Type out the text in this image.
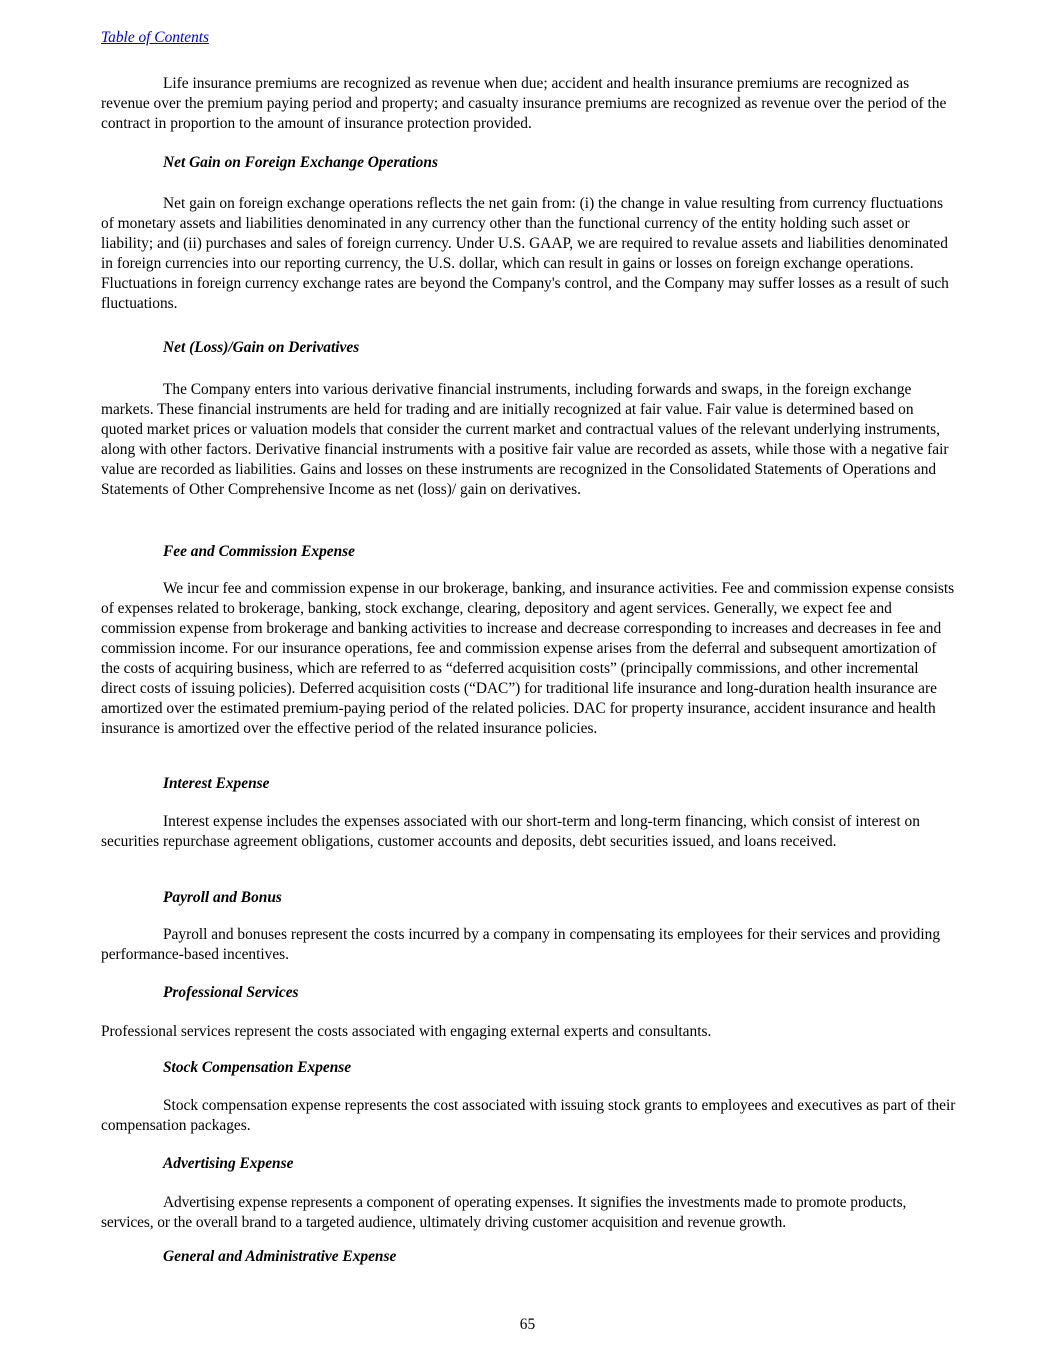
Table of Contents

Life insurance premiums are recognized as revenue when due; accident and health insurance premiums are recognized as revenue over the premium paying period and property; and casualty insurance premiums are recognized as revenue over the period of the contract in proportion to the amount of insurance protection provided.

Net Gain on Foreign Exchange Operations

Net gain on foreign exchange operations reflects the net gain from: (i) the change in value resulting from currency fluctuations of monetary assets and liabilities denominated in any currency other than the functional currency of the entity holding such asset or liability; and (ii) purchases and sales of foreign currency. Under U.S. GAAP, we are required to revalue assets and liabilities denominated in foreign currencies into our reporting currency, the U.S. dollar, which can result in gains or losses on foreign exchange operations. Fluctuations in foreign currency exchange rates are beyond the Company's control, and the Company may suffer losses as a result of such fluctuations.

Net (Loss)/Gain on Derivatives

The Company enters into various derivative financial instruments, including forwards and swaps, in the foreign exchange markets. These financial instruments are held for trading and are initially recognized at fair value. Fair value is determined based on quoted market prices or valuation models that consider the current market and contractual values of the relevant underlying instruments, along with other factors. Derivative financial instruments with a positive fair value are recorded as assets, while those with a negative fair value are recorded as liabilities. Gains and losses on these instruments are recognized in the Consolidated Statements of Operations and Statements of Other Comprehensive Income as net (loss)/ gain on derivatives.

Fee and Commission Expense

We incur fee and commission expense in our brokerage, banking, and insurance activities. Fee and commission expense consists of expenses related to brokerage, banking, stock exchange, clearing, depository and agent services. Generally, we expect fee and commission expense from brokerage and banking activities to increase and decrease corresponding to increases and decreases in fee and commission income. For our insurance operations, fee and commission expense arises from the deferral and subsequent amortization of the costs of acquiring business, which are referred to as “deferred acquisition costs” (principally commissions, and other incremental direct costs of issuing policies). Deferred acquisition costs (“DAC”) for traditional life insurance and long-duration health insurance are amortized over the estimated premium-paying period of the related policies. DAC for property insurance, accident insurance and health insurance is amortized over the effective period of the related insurance policies.

Interest Expense

Interest expense includes the expenses associated with our short-term and long-term financing, which consist of interest on securities repurchase agreement obligations, customer accounts and deposits, debt securities issued, and loans received.

Payroll and Bonus

Payroll and bonuses represent the costs incurred by a company in compensating its employees for their services and providing performance-based incentives.

Professional Services

Professional services represent the costs associated with engaging external experts and consultants.

Stock Compensation Expense

Stock compensation expense represents the cost associated with issuing stock grants to employees and executives as part of their compensation packages.

Advertising Expense

Advertising expense represents a component of operating expenses. It signifies the investments made to promote products, services, or the overall brand to a targeted audience, ultimately driving customer acquisition and revenue growth.

General and Administrative Expense
65
